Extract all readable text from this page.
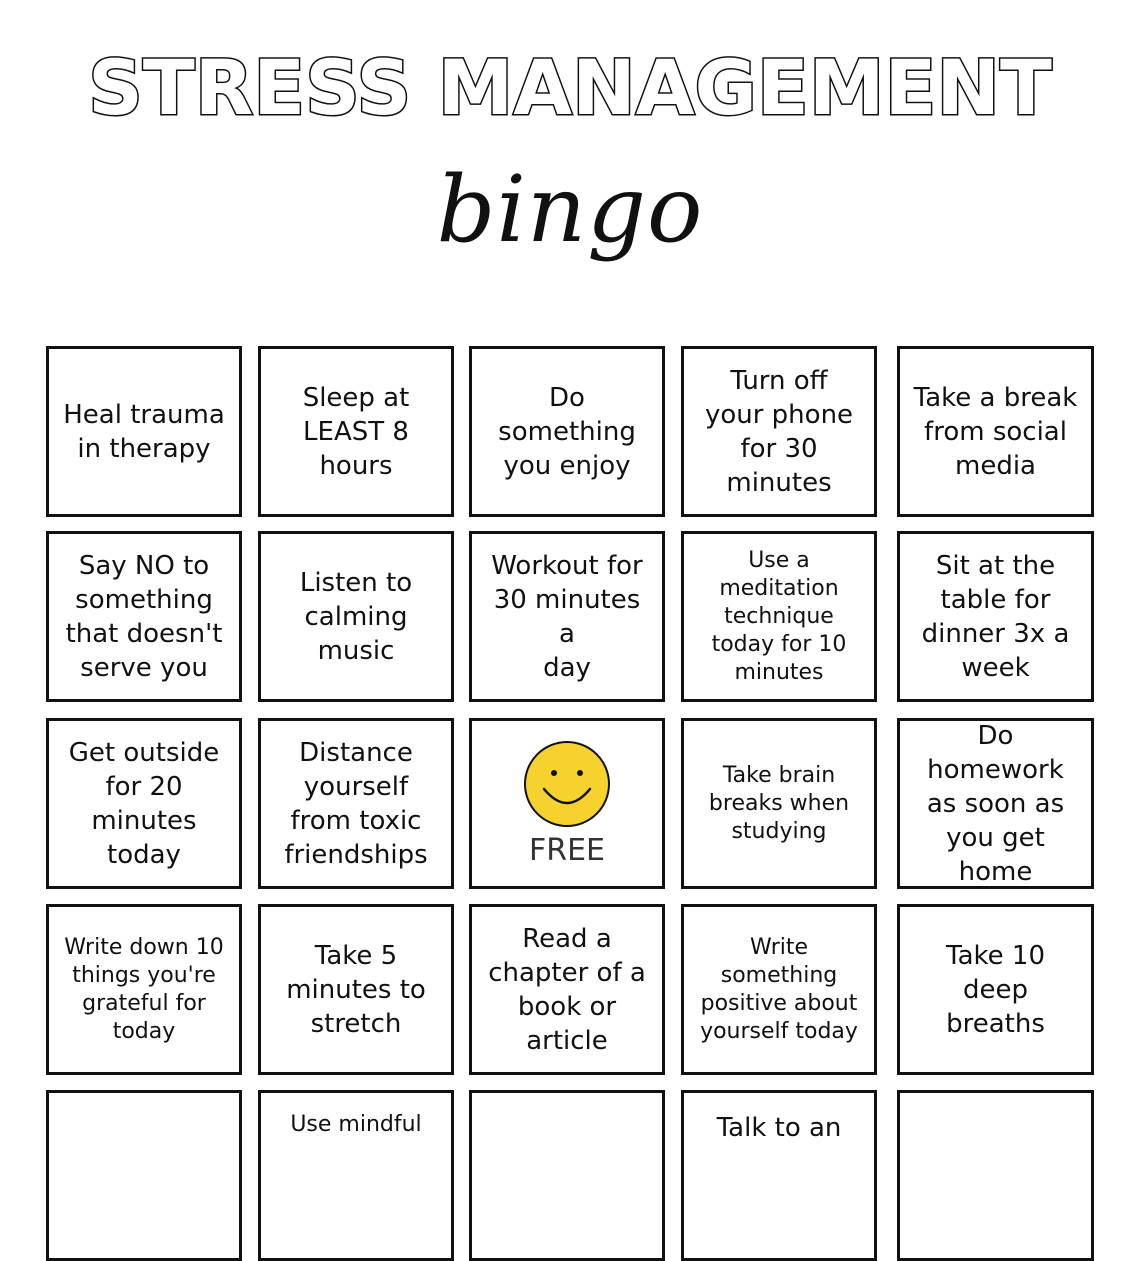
STRESS MANAGEMENT
bingo
Heal trauma
in therapy
Sleep at
LEAST 8
hours
Do something
you enjoy
Turn off
your phone
for 30
minutes
Take a break
from social
media
Say NO to
something
that doesn't
serve you
Listen to
calming music
Workout for
30 minutes a
day
Use a
meditation
technique
today for 10
minutes
Sit at the
table for
dinner 3x a
week
Get outside
for 20
minutes
today
Distance
yourself
from toxic
friendships	FREE
Take brain
breaks when
studying
Do homework
as soon as
you get home
Write down 10
things you're
grateful for
today
Take 5
minutes to
stretch
Read a
chapter of a
book or
article
Write
something
positive about
yourself today
Take 10 deep
breaths
Use mindful	Talk to an
